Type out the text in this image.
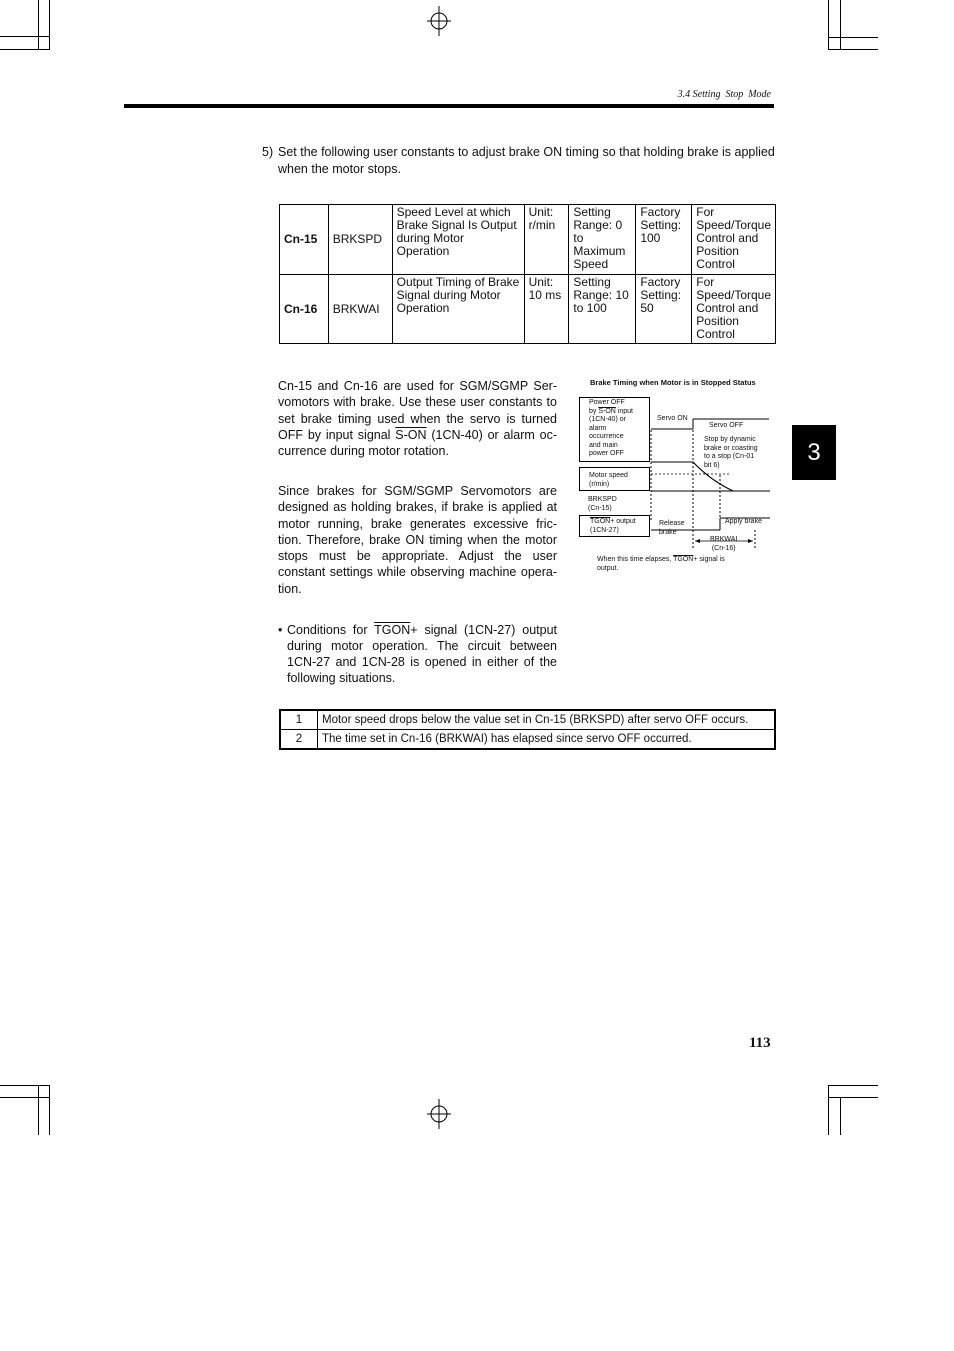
3.4 Setting Stop Mode
5) Set the following user constants to adjust brake ON timing so that holding brake is applied when the motor stops.
Cn-15	BRKSPD	Speed Level at which Brake Signal Is Output during Motor Operation	Unit: r/min	Setting Range: 0 to Maximum Speed	Factory Setting: 100	For Speed/Torque Control and Position Control
Cn-16	BRKWAI	Output Timing of Brake Signal during Motor Operation	Unit: 10 ms	Setting Range: 10 to 100	Factory Setting: 50	For Speed/Torque Control and Position Control
Cn-15 and Cn-16 are used for SGM/SGMP Ser-vomotors with brake. Use these user constants to set brake timing used when the servo is turned OFF by input signal S-ON (1CN-40) or alarm oc-currence during motor rotation.
Since brakes for SGM/SGMP Servomotors are designed as holding brakes, if brake is applied at motor running, brake generates excessive fric-tion. Therefore, brake ON timing when the motor stops must be appropriate. Adjust the user constant settings while observing machine opera-tion.
• Conditions for TGON+ signal (1CN-27) output during motor operation. The circuit between 1CN-27 and 1CN-28 is opened in either of the following situations.
1	Motor speed drops below the value set in Cn-15 (BRKSPD) after servo OFF occurs.
2	The time set in Cn-16 (BRKWAI) has elapsed since servo OFF occurred.
Brake Timing when Motor is in Stopped Status
Power OFF
by S-ON input
(1CN-40) or
alarm
occurrence
and main
power OFF
Servo ON
Servo OFF
Stop by dynamic
brake or coasting
to a stop (Cn-01
bit 6)
Motor speed
(r/min)
BRKSPD
(Cn-15)
TGON+ output
(1CN-27)
Release
brake
Apply brake
BRKWAI
(Cn-16)
When this time elapses, TGON+ signal is
output.
3
113
